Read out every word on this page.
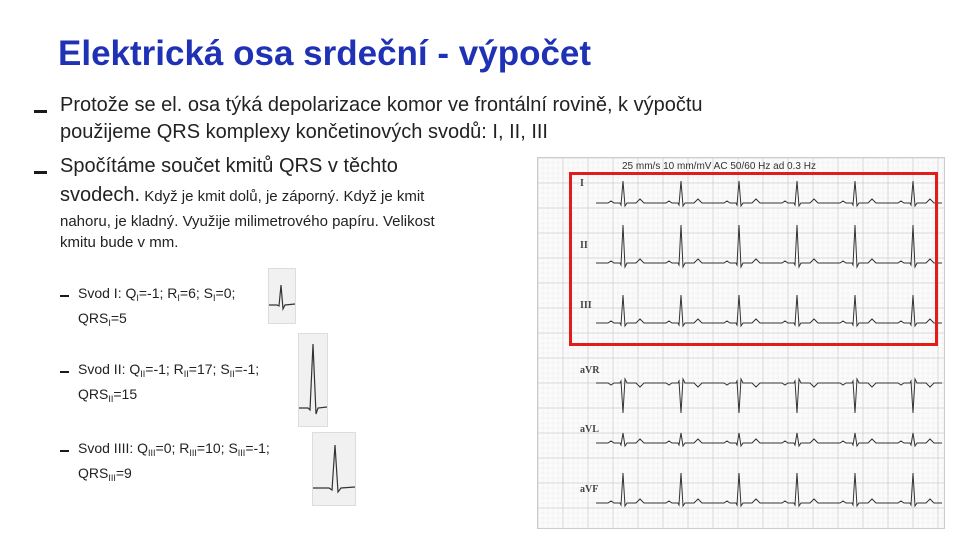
Elektrická osa srdeční - výpočet
Protože se el. osa týká depolarizace komor ve frontální rovině, k výpočtu
použijeme QRS komplexy končetinových svodů: I, II, III
Spočítáme součet kmitů QRS v těchto
svodech. Když je kmit dolů, je záporný. Když je kmit
nahoru, je kladný. Využije milimetrového papíru. Velikost
kmitu bude v mm.
Svod I: $Q_I=-1$; $R_I=6$; $S_I=0$;
$QRS_I=5$
Svod II: $Q_{II}=-1$; $R_{II}=17$; $S_{II}=-1$;
$QRS_{II}=15$
Svod IIII: $Q_{III}=0$; $R_{III}=10$; $S_{III}=-1$;
$QRS_{III}=9$
25 mm/s 10 mm/mV AC 50/60 Hz ad 0.3 Hz
I
II
III
aVR
aVL
aVF
